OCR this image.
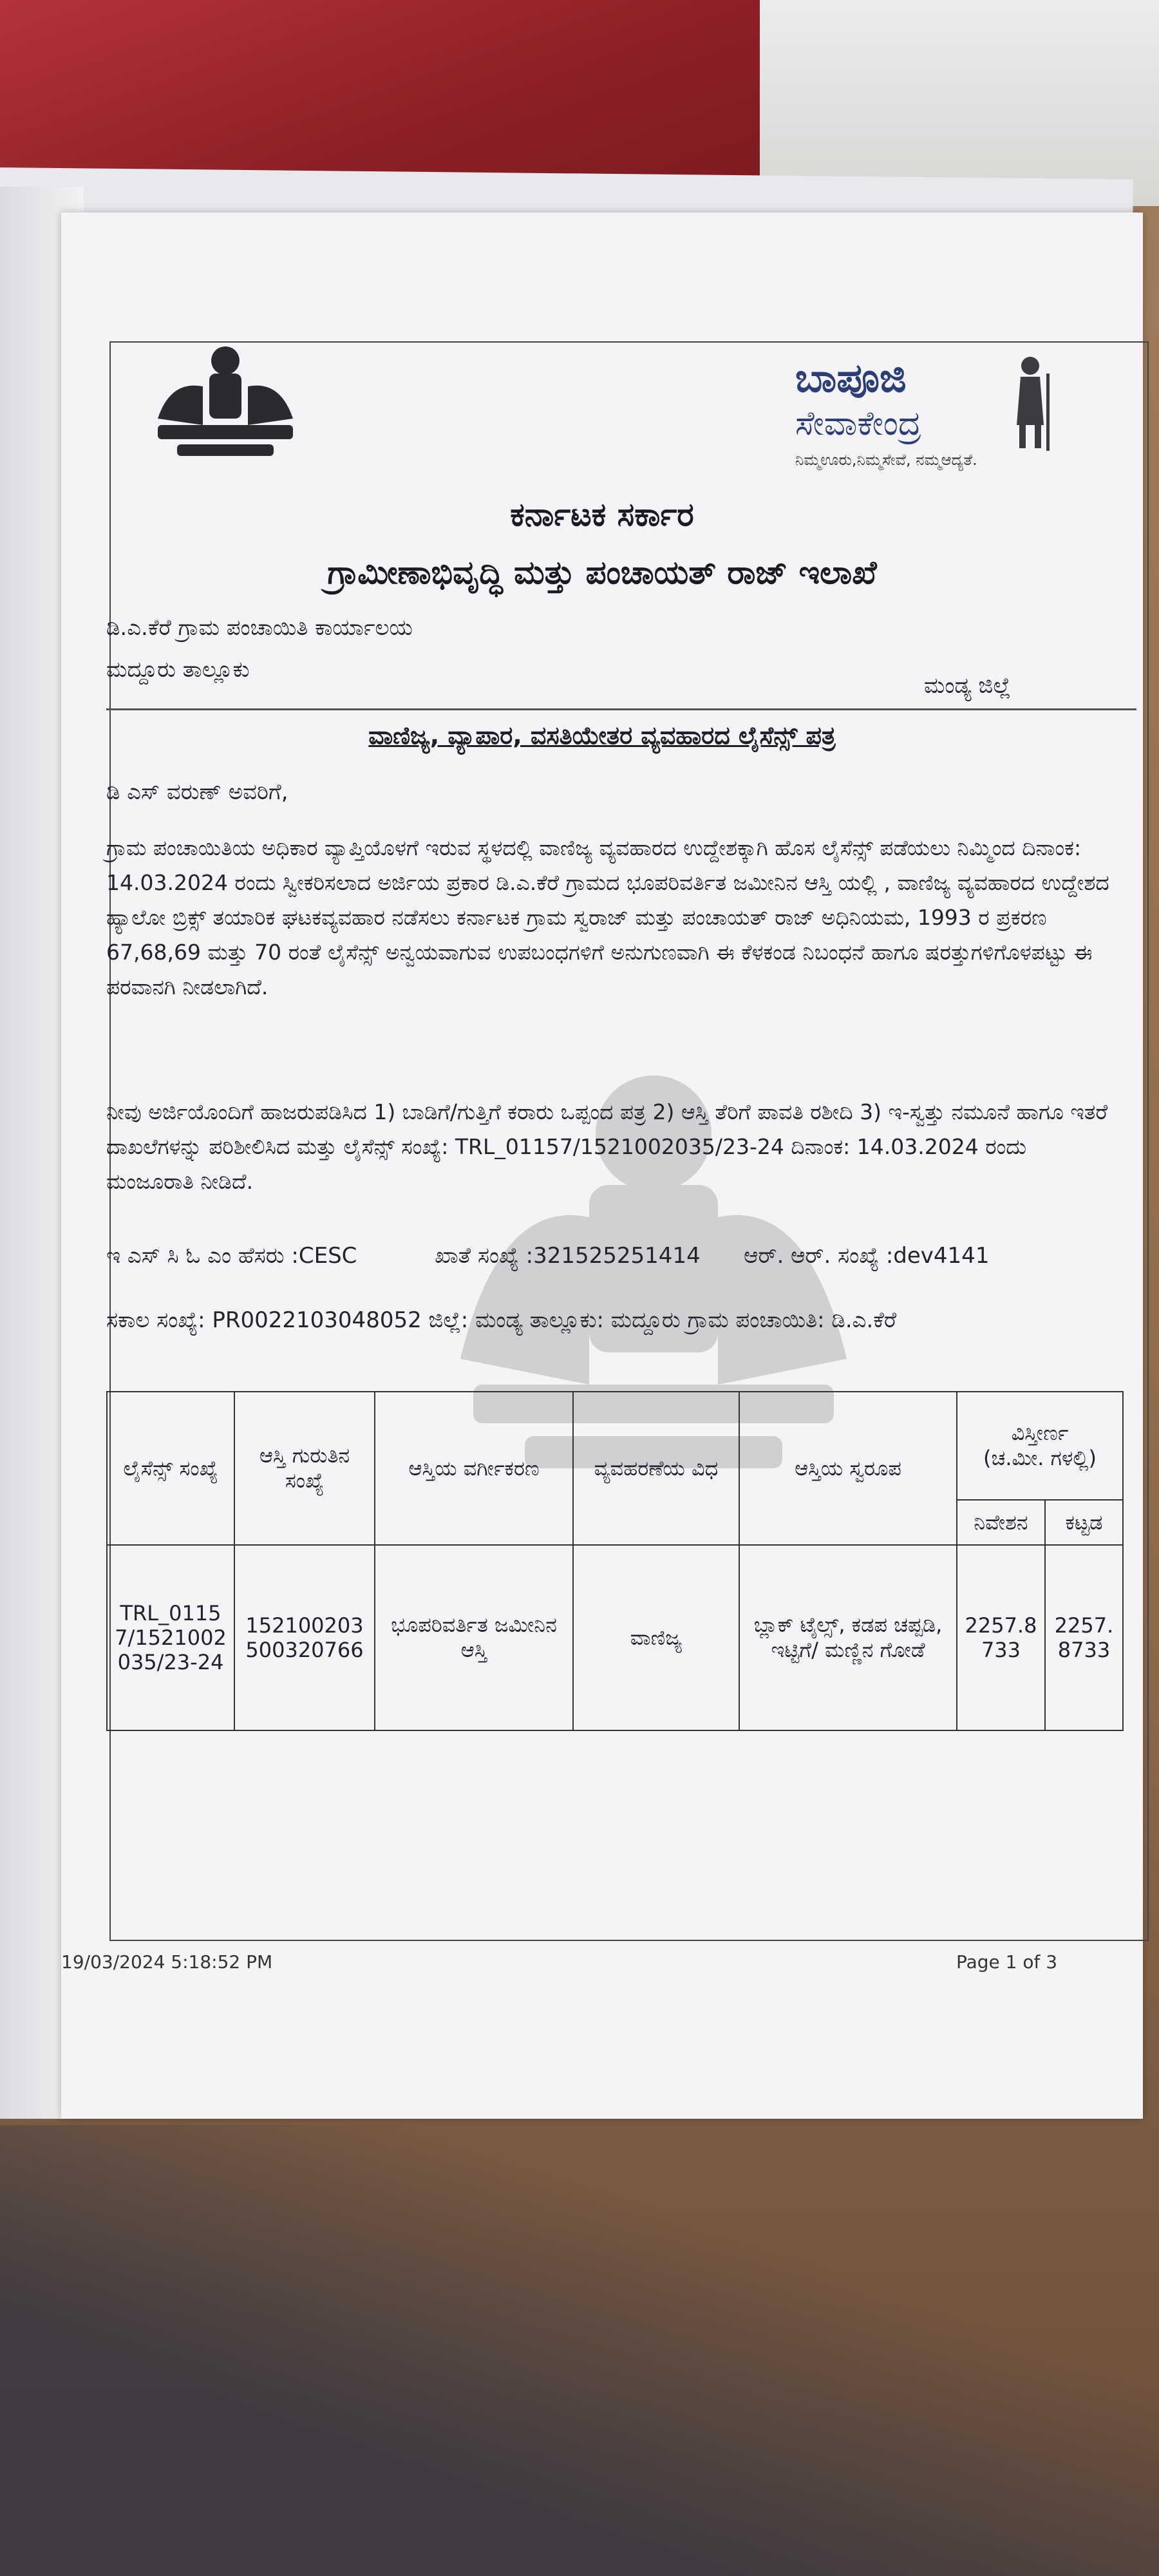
ಬಾಪೂಜಿ
ಸೇವಾಕೇಂದ್ರ
ನಿಮ್ಮಊರು,ನಿಮ್ಮಸೇವೆ, ನಮ್ಮಆದ್ಯತೆ.
ಕರ್ನಾಟಕ ಸರ್ಕಾರ
ಗ್ರಾಮೀಣಾಭಿವೃದ್ಧಿ ಮತ್ತು ಪಂಚಾಯತ್ ರಾಜ್ ಇಲಾಖೆ
ಡಿ.ಎ.ಕೆರೆ ಗ್ರಾಮ ಪಂಚಾಯಿತಿ ಕಾರ್ಯಾಲಯ
ಮದ್ದೂರು ತಾಲ್ಲೂಕು
ಮಂಡ್ಯ ಜಿಲ್ಲೆ
ವಾಣಿಜ್ಯ, ವ್ಯಾಪಾರ, ವಸತಿಯೇತರ ವ್ಯವಹಾರದ ಲೈಸೆನ್ಸ್ ಪತ್ರ
ಡಿ ಎಸ್ ವರುಣ್ ಅವರಿಗೆ,
ಗ್ರಾಮ ಪಂಚಾಯಿತಿಯ ಅಧಿಕಾರ ವ್ಯಾಪ್ತಿಯೊಳಗೆ ಇರುವ ಸ್ಥಳದಲ್ಲಿ ವಾಣಿಜ್ಯ ವ್ಯವಹಾರದ ಉದ್ದೇಶಕ್ಕಾಗಿ ಹೊಸ ಲೈಸೆನ್ಸ್ ಪಡೆಯಲು ನಿಮ್ಮಿಂದ ದಿನಾಂಕ: 14.03.2024 ರಂದು ಸ್ವೀಕರಿಸಲಾದ ಅರ್ಜಿಯ ಪ್ರಕಾರ ಡಿ.ಎ.ಕೆರೆ ಗ್ರಾಮದ ಭೂಪರಿವರ್ತಿತ ಜಮೀನಿನ ಆಸ್ತಿ ಯಲ್ಲಿ , ವಾಣಿಜ್ಯ ವ್ಯವಹಾರದ ಉದ್ದೇಶದ ಹ್ಯಾಲೋ ಬ್ರಿಕ್ಸ್ ತಯಾರಿಕ ಘಟಕವ್ಯವಹಾರ ನಡೆಸಲು ಕರ್ನಾಟಕ ಗ್ರಾಮ ಸ್ವರಾಜ್ ಮತ್ತು ಪಂಚಾಯತ್ ರಾಜ್ ಅಧಿನಿಯಮ, 1993 ರ ಪ್ರಕರಣ 67,68,69 ಮತ್ತು 70 ರಂತೆ ಲೈಸೆನ್ಸ್ ಅನ್ವಯವಾಗುವ ಉಪಬಂಧಗಳಿಗೆ ಅನುಗುಣವಾಗಿ ಈ ಕೆಳಕಂಡ ನಿಬಂಧನೆ ಹಾಗೂ ಷರತ್ತುಗಳಿಗೊಳಪಟ್ಟು ಈ ಪರವಾನಗಿ ನೀಡಲಾಗಿದೆ.
ನೀವು ಅರ್ಜಿಯೊಂದಿಗೆ ಹಾಜರುಪಡಿಸಿದ 1) ಬಾಡಿಗೆ/ಗುತ್ತಿಗೆ ಕರಾರು ಒಪ್ಪಂದ ಪತ್ರ 2) ಆಸ್ತಿ ತೆರಿಗೆ ಪಾವತಿ ರಶೀದಿ 3) ಇ-ಸ್ವತ್ತು ನಮೂನೆ ಹಾಗೂ ಇತರೆ ದಾಖಲೆಗಳನ್ನು ಪರಿಶೀಲಿಸಿದ ಮತ್ತು ಲೈಸೆನ್ಸ್ ಸಂಖ್ಯೆ: TRL_01157/1521002035/23-24 ದಿನಾಂಕ: 14.03.2024 ರಂದು ಮಂಜೂರಾತಿ ನೀಡಿದೆ.
ಇ ಎಸ್ ಸಿ ಓ ಎಂ ಹೆಸರು :CESC	ಖಾತೆ ಸಂಖ್ಯೆ :321525251414 ಆರ್. ಆರ್. ಸಂಖ್ಯೆ :dev4141
ಸಕಾಲ ಸಂಖ್ಯೆ: PR0022103048052 ಜಿಲ್ಲೆ: ಮಂಡ್ಯ ತಾಲ್ಲೂಕು: ಮದ್ದೂರು ಗ್ರಾಮ ಪಂಚಾಯಿತಿ: ಡಿ.ಎ.ಕೆರೆ
ಲೈಸೆನ್ಸ್ ಸಂಖ್ಯೆ	ಆಸ್ತಿ ಗುರುತಿನ ಸಂಖ್ಯೆ	ಆಸ್ತಿಯ ವರ್ಗೀಕರಣ	ವ್ಯವಹರಣೆಯ ವಿಧ	ಆಸ್ತಿಯ ಸ್ವರೂಪ	ವಿಸ್ತೀರ್ಣ
(ಚ.ಮೀ. ಗಳಲ್ಲಿ)	

					ನಿವೇಶನ	ಕಟ್ಟಡ
TRL_01157/1521002035/23-24	152100203500320766	ಭೂಪರಿವರ್ತಿತ ಜಮೀನಿನ ಆಸ್ತಿ	ವಾಣಿಜ್ಯ	ಬ್ಲಾಕ್ ಟೈಲ್ಸ್, ಕಡಪ ಚಪ್ಪಡಿ, ಇಟ್ಟಿಗೆ/ ಮಣ್ಣಿನ ಗೋಡೆ	2257.8733	2257.8733
19/03/2024 5:18:52 PM	Page 1 of 3
